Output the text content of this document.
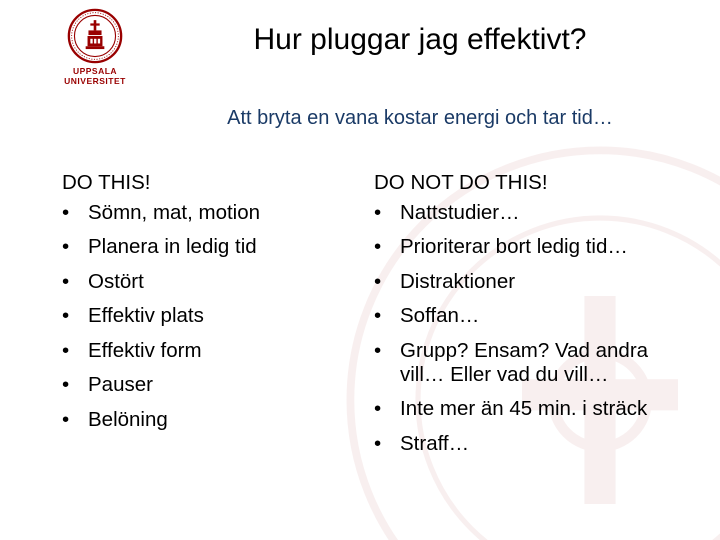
UPPSALA
UNIVERSITET
Hur pluggar jag effektivt?
Att bryta en vana kostar energi och tar tid…
DO THIS!
• Sömn, mat, motion
• Planera in ledig tid
• Ostört
• Effektiv plats
• Effektiv form
• Pauser
• Belöning
DO NOT DO THIS!
• Nattstudier…
• Prioriterar bort ledig tid…
• Distraktioner
• Soffan…
• Grupp? Ensam? Vad andra vill… Eller vad du vill…
• Inte mer än 45 min. i sträck
• Straff…
